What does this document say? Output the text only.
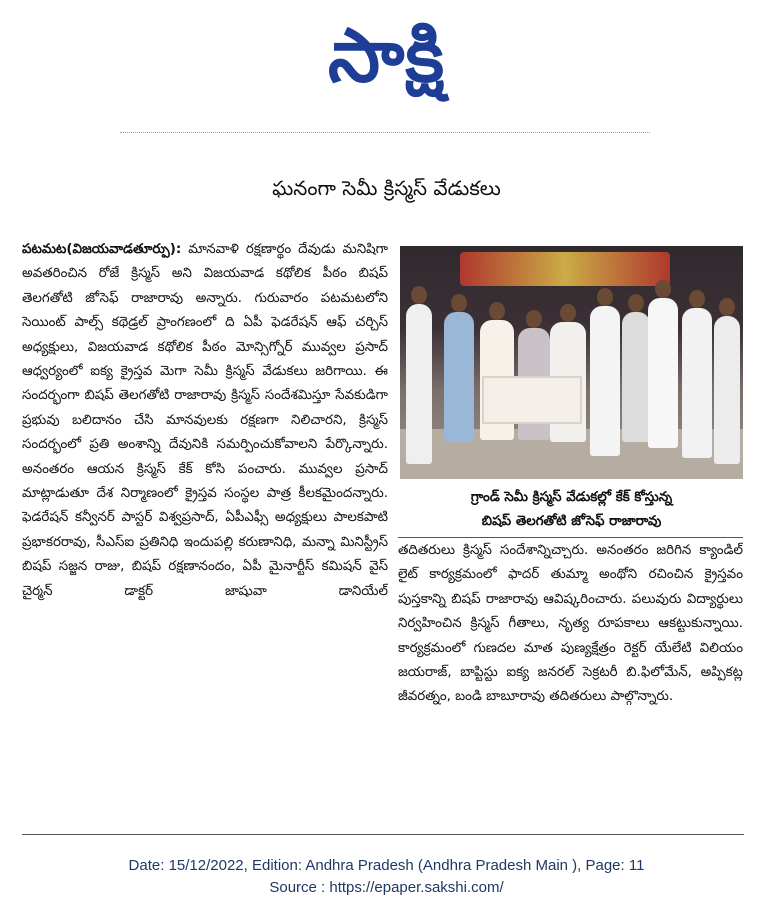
సాక్షి
ఘనంగా సెమీ క్రిస్మస్ వేడుకలు

పటమట(విజయవాడతూర్పు): మానవాళి రక్షణార్థం దేవుడు మనిషిగా అవతరించిన రోజే క్రిస్మస్ అని విజయవాడ కథోలిక పీఠం బిషప్ తెలగతోటి జోసెఫ్ రాజారావు అన్నారు. గురువారం పటమటలోని సెయింట్ పాల్స్ కథెడ్రల్ ప్రాంగణంలో ది ఏపీ ఫెడరేషన్ ఆఫ్ చర్చిస్ అధ్యక్షులు, విజయవాడ కథోలిక పీఠం మోన్సిగ్నోర్ మువ్వల ప్రసాద్ ఆధ్వర్యంలో ఐక్య క్రైస్తవ మెగా సెమీ క్రిస్మస్ వేడుకలు జరిగాయి. ఈ సందర్భంగా బిషప్ తెలగతోటి రాజారావు క్రిస్మస్ సందేశమిస్తూ సేవకుడిగా ప్రభువు బలిదానం చేసి మానవులకు రక్షణగా నిలిచారని, క్రిస్మస్ సందర్భంలో ప్రతి అంశాన్ని దేవునికి సమర్పించుకోవాలని పేర్కొన్నారు. అనంతరం ఆయన క్రిస్మస్ కేక్ కోసి పంచారు. మువ్వల ప్రసాద్ మాట్లాడుతూ దేశ నిర్మాణంలో క్రైస్తవ సంస్థల పాత్ర కీలకమైందన్నారు. ఫెడరేషన్ కన్వీనర్ పాస్టర్ విశ్వప్రసాద్, ఏపీఎఫ్సీ అధ్యక్షులు పాలకపాటి ప్రభాకరరావు, సీఎస్ఐ ప్రతినిధి ఇందుపల్లి కరుణానిధి, మన్నా మినిస్ట్రీస్ బిషప్ సజ్జన రాజు, బిషప్ రక్షణానందం, ఏపీ మైనార్టీస్ కమిషన్ వైస్ చైర్మన్ డాక్టర్ జాషువా డానియేల్

గ్రాండ్ సెమీ క్రిస్మస్ వేడుకల్లో కేక్ కోస్తున్న
బిషప్ తెలగతోటి జోసెఫ్ రాజారావు

తదితరులు క్రిస్మస్ సందేశాన్నిచ్చారు. అనంతరం జరిగిన క్యాండిల్ లైట్ కార్యక్రమంలో ఫాదర్ తుమ్మా అంథోని రచించిన క్రైస్తవం పుస్తకాన్ని బిషప్ రాజారావు ఆవిష్కరించారు. పలువురు విద్యార్థులు నిర్వహించిన క్రిస్మస్ గీతాలు, నృత్య రూపకాలు ఆకట్టుకున్నాయి. కార్యక్రమంలో గుణదల మాత పుణ్యక్షేత్రం రెక్టర్ యేలేటి విలియం జయరాజ్, బాప్టిస్టు ఐక్య జనరల్ సెక్రటరీ బి.ఫిలోమేన్, అప్పికట్ల జీవరత్నం, బండి బాబూరావు తదితరులు పాల్గొన్నారు.

Date: 15/12/2022, Edition: Andhra Pradesh (Andhra Pradesh Main ), Page: 11
Source : https://epaper.sakshi.com/
